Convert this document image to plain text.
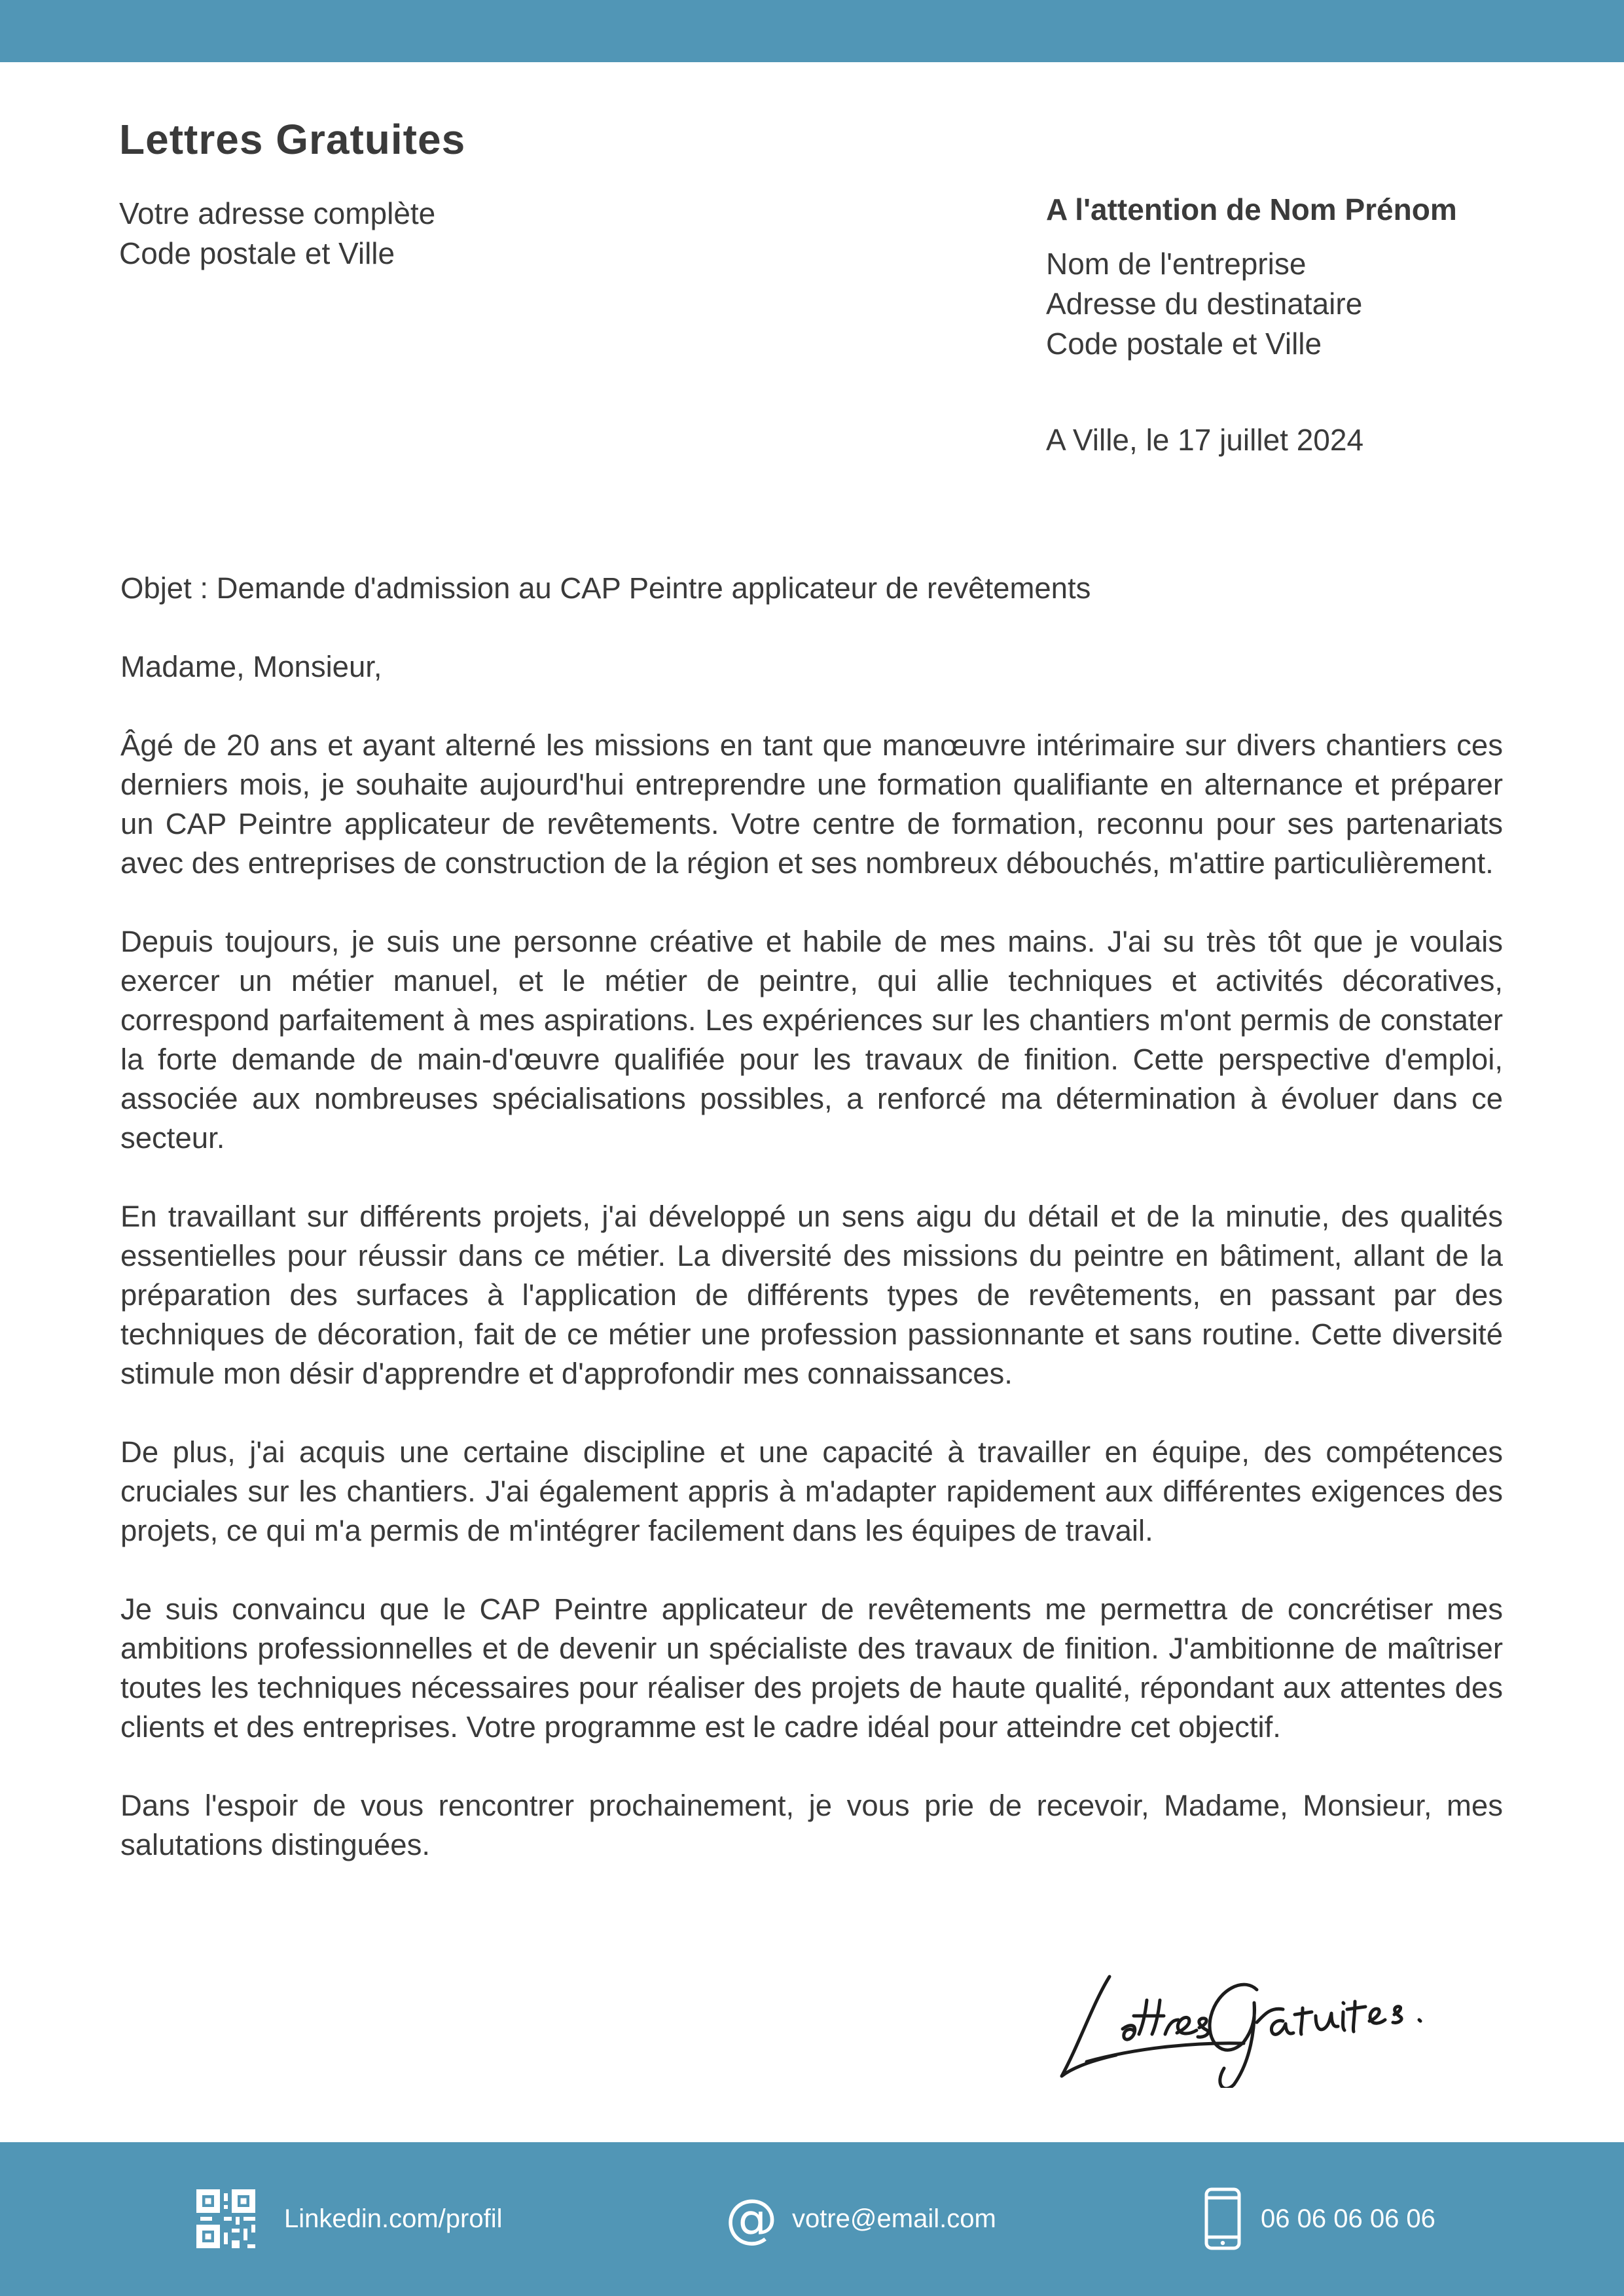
Lettres Gratuites
Votre adresse complète
Code postale et Ville
A l'attention de Nom Prénom
Nom de l'entreprise
Adresse du destinataire
Code postale et Ville
A Ville, le 17 juillet 2024

Objet : Demande d'admission au CAP Peintre applicateur de revêtements

Madame, Monsieur,

Âgé de 20 ans et ayant alterné les missions en tant que manœuvre intérimaire sur divers chantiers ces derniers mois, je souhaite aujourd'hui entreprendre une formation qualifiante en alternance et préparer un CAP Peintre applicateur de revêtements. Votre centre de formation, reconnu pour ses partenariats avec des entreprises de construction de la région et ses nombreux débouchés, m'attire particulièrement.

Depuis toujours, je suis une personne créative et habile de mes mains. J'ai su très tôt que je voulais exercer un métier manuel, et le métier de peintre, qui allie techniques et activités décoratives, correspond parfaitement à mes aspirations. Les expériences sur les chantiers m'ont permis de constater la forte demande de main-d'œuvre qualifiée pour les travaux de finition. Cette perspective d'emploi, associée aux nombreuses spécialisations possibles, a renforcé ma détermination à évoluer dans ce secteur.

En travaillant sur différents projets, j'ai développé un sens aigu du détail et de la minutie, des qualités essentielles pour réussir dans ce métier. La diversité des missions du peintre en bâtiment, allant de la préparation des surfaces à l'application de différents types de revêtements, en passant par des techniques de décoration, fait de ce métier une profession passionnante et sans routine. Cette diversité stimule mon désir d'apprendre et d'approfondir mes connaissances.

De plus, j'ai acquis une certaine discipline et une capacité à travailler en équipe, des compétences cruciales sur les chantiers. J'ai également appris à m'adapter rapidement aux différentes exigences des projets, ce qui m'a permis de m'intégrer facilement dans les équipes de travail.

Je suis convaincu que le CAP Peintre applicateur de revêtements me permettra de concrétiser mes ambitions professionnelles et de devenir un spécialiste des travaux de finition. J'ambitionne de maîtriser toutes les techniques nécessaires pour réaliser des projets de haute qualité, répondant aux attentes des clients et des entreprises. Votre programme est le cadre idéal pour atteindre cet objectif.

Dans l'espoir de vous rencontrer prochainement, je vous prie de recevoir, Madame, Monsieur, mes salutations distinguées.

Linkedin.com/profil	@ votre@email.com	06 06 06 06 06
